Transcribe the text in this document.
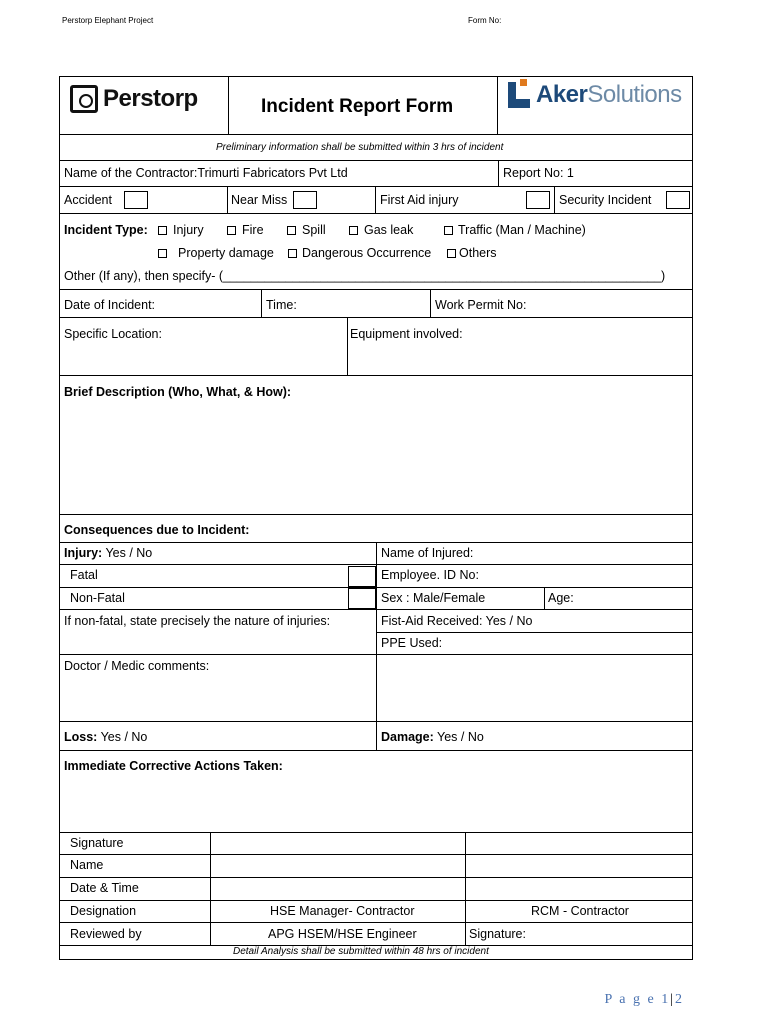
Perstorp Elephant Project	Form No:
Perstorp	Incident Report Form	AkerSolutions
Preliminary information shall be submitted within 3 hrs of incident
Name of the Contractor:Trimurti Fabricators Pvt Ltd	Report No: 1
Accident	Near Miss	First Aid injury	Security Incident
Incident Type: Injury	Fire	Spill	Gas leak	Traffic (Man / Machine)
Property damage Dangerous Occurrence Others
Other (If any), then specify- (_______________________________________________________________)
Date of Incident:	Time:	Work Permit No:
Specific Location:	Equipment involved:
Brief Description (Who, What, & How):
Consequences due to Incident:
Injury: Yes / No	Name of Injured:
Fatal	Employee. ID No:
Non-Fatal	Sex : Male/Female	Age:
If non-fatal, state precisely the nature of injuries:	Fist-Aid Received: Yes / No
PPE Used:
Doctor / Medic comments:
Loss: Yes / No	Damage: Yes / No
Immediate Corrective Actions Taken:
Signature
Name
Date & Time
Designation	HSE Manager- Contractor	RCM - Contractor
Reviewed by	APG HSEM/HSE Engineer	Signature:
Detail Analysis shall be submitted within 48 hrs of incident
P a g e 1|2
